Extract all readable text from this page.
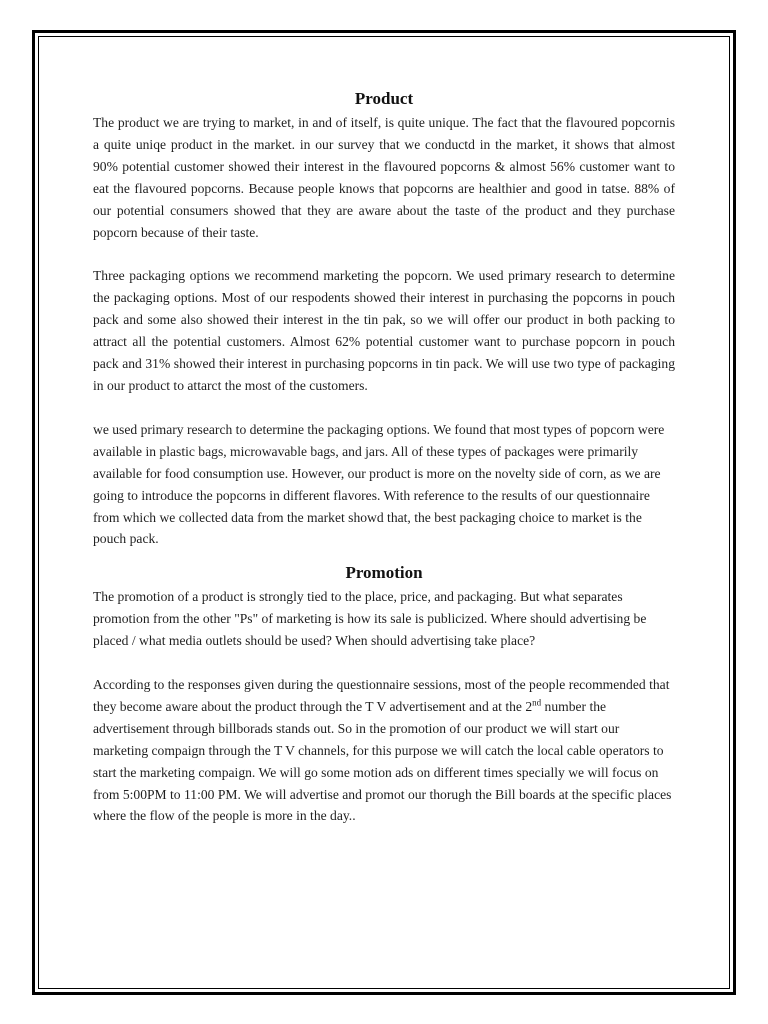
Product

The product we are trying to market, in and of itself, is quite unique. The fact that the flavoured popcornis a quite uniqe product in the market. in our survey that we conductd in the market, it shows that almost 90% potential customer showed their interest in the flavoured popcorns & almost 56% customer want to eat the flavoured popcorns. Because people knows that popcorns are healthier and good in tatse. 88% of our potential consumers showed that they are aware about the taste of the product and they purchase popcorn because of their taste.

Three packaging options we recommend marketing the popcorn. We used primary research to determine the packaging options. Most of our respodents showed their interest in purchasing the popcorns in pouch pack and some also showed their interest in the tin pak, so we will offer our product in both packing to attract all the potential customers. Almost 62% potential customer want to purchase popcorn in pouch pack and 31% showed their interest in purchasing popcorns in tin pack. We will use two type of packaging in our product to attarct the most of the customers.

we used primary research to determine the packaging options. We found that most types of popcorn were available in plastic bags, microwavable bags, and jars. All of these types of packages were primarily available for food consumption use. However, our product is more on the novelty side of corn, as we are going to introduce the popcorns in different flavores. With reference to the results of our questionnaire from which we collected data from the market showd that, the best packaging choice to market is the pouch pack.

Promotion

The promotion of a product is strongly tied to the place, price, and packaging. But what separates promotion from the other "Ps" of marketing is how its sale is publicized. Where should advertising be placed / what media outlets should be used? When should advertising take place?

According to the responses given during the questionnaire sessions, most of the people recommended that they become aware about the product through the T V advertisement and at the 2nd number the advertisement through billborads stands out. So in the promotion of our product we will start our marketing compaign through the T V channels, for this purpose we will catch the local cable operators to start the marketing compaign. We will go some motion ads on different times specially we will focus on from 5:00PM to 11:00 PM. We will advertise and promot our thorugh the Bill boards at the specific places where the flow of the people is more in the day..
